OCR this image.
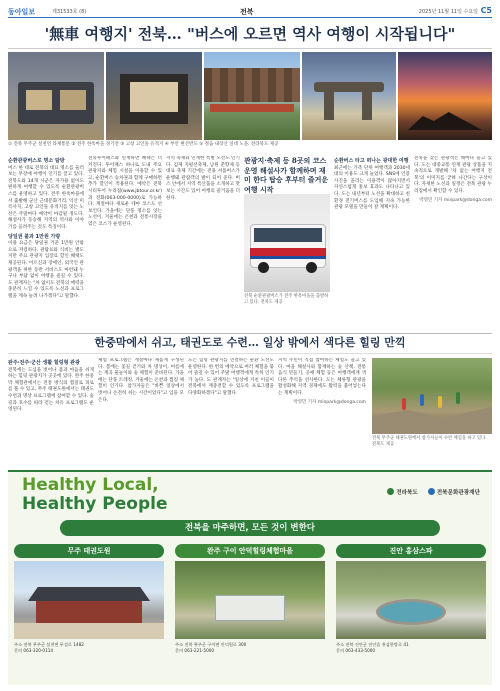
동아일보	제31533호 (8)	전북	2025년 11월 11일 수요일 C5
'無車 여행지' 전북… "버스에 오르면 역사 여행이 시작됩니다"
① 전북 무주군 설천면 라제통문 ② 전주 한옥마을 경기전 ③ 고창 고인돌 유적지 ④ 부안 변산반도 ⑤ 정읍 내장산 일대 노을. 전라북도 제공
순환관광버스로 명소 탐방

버스 한 대로 전북의 대표 명소를 둘러보는 무장애 여행이 인기를 끌고 있다. 전북도와 14개 시군은 자가용 없이도 편하게 여행할 수 있도록 순환관광버스를 운영하고 있다. 전주 한옥마을에서 출발해 군산 근대문화거리, 익산 미륵사지, 고창 고인돌 유적지를 잇는 노선은 주말마다 예약이 마감될 정도다. 해설사가 동승해 지역의 역사와 이야기를 들려주는 것도 특징이다.

당일권 불과 1만원 가량

이용 요금은 당일권 기준 1만원 안팎으로 저렴하다. 관람료와 식비는 별도지만 주요 관광지 입장료 할인 혜택도 제공된다. 어르신과 장애인, 외국인 관광객을 위한 동반 서비스도 마련돼 누구나 부담 없이 여행을 즐길 수 있다. 도 관계자는 "차 없이도 전북의 매력을 충분히 느낄 수 있도록 노선과 프로그램을 계속 늘려 나가겠다"고 말했다.

전북투어패스와 연계하면 혜택은 더 커진다. 투어패스 하나로 도내 주요 관광지와 체험 시설을 이용할 수 있고, 순환버스 승차권과 함께 구매하면 추가 할인이 적용된다. 예약은 전북 시티투어 누리집(www.jbtour.or.kr)과 전화(063-000-0000)로 가능하다. 계절마다 새로운 테마 코스도 선보인다. 가을에는 단풍 명소를 잇는 노선이, 겨울에는 온천과 전통시장을 엮은 코스가 운영된다.

지역 축제와 연계한 특별 노선도 인기다. 김제 지평선축제, 남원 춘향제 등 대표 축제 기간에는 전용 셔틀버스가 운행돼 관람객의 발이 되어 준다. 버스 안에서 지역 특산품을 소개하고 맛보는 시간도 있어 여행의 즐거움을 더한다.

관광지·축제 등 8곳의 코스 운영 해설사가 함께하며 재미 한다 탑승 후부터 즐거운 여행 시작
전북 순환관광버스가 전주 한옥마을을 출발하고 있다. 전북도 제공
순환버스 타고 떠나는 광대한 여행

최근에는 가족 단위 여행객과 2030세대의 이용도 크게 늘었다. SNS에 인증 사진을 올리는 이용객이 많아지면서 자연스럽게 홍보 효과도 나타나고 있다. 도는 내년부터 노선을 확대하고 친환경 전기버스를 도입해 지속 가능한 관광 모델을 만들어 갈 계획이다.

전북을 찾는 관광객은 해마다 늘고 있다. 도는 대중교통 연계 관광 상품을 지속적으로 개발해 '차 없는 여행지 전북'의 이미지를 굳혀 나간다는 구상이다. 자세한 노선과 일정은 전북 관광 누리집에서 확인할 수 있다.

박영민 기자 minpark@donga.com
한중막에서 쉬고, 태권도로 수련… 일상 밖에서 색다른 힐링 만끽
완주·전주·군산 생활 힐링형 관광

전북에는 도심을 벗어나 몸과 마음을 쉬게 하는 힐링 관광지가 곳곳에 있다. 완주 한중막 체험관에서는 전통 방식의 찜질로 피로를 풀 수 있고, 무주 태권도원에서는 태권도 수련과 명상 프로그램에 참여할 수 있다. 숲길과 호수를 따라 걷는 치유 프로그램도 운영된다.

체험 프로그램은 계절마다 새롭게 구성된다. 봄에는 꽃길 걷기와 차 명상이, 여름에는 계곡 물놀이와 숲 체험이 준비된다. 가을에는 단풍 트레킹, 겨울에는 온천과 찜질 체험이 인기다. 참가자들은 "바쁜 일상에서 벗어나 온전히 쉬는 시간이었다"고 입을 모은다.

도는 힐링 관광지를 연결하는 순환 노선도 운영한다. 한 번의 예약으로 여러 체험을 묶어 즐길 수 있어 주말 여행객에게 특히 인기가 높다. 도 관계자는 "일상에 지친 이들이 전북에서 재충전할 수 있도록 프로그램을 다양화하겠다"고 말했다.

지역 주민이 직접 참여하는 체험도 늘고 있다. 마을 해설사와 함께하는 숲 산책, 전통 음식 만들기, 공예 체험 등은 여행객에게 색다른 추억을 선사한다. 도는 체류형 관광을 활성화해 지역 경제에도 활력을 불어넣는다는 계획이다.

박영민 기자 minpark@donga.com
전북 무주군 태권도원에서 참가자들이 수련 체험을 하고 있다. 전북도 제공
Healthy Local,
Healthy People
전라북도	전북문화관광재단
전북을 마주하면, 모든 것이 변한다
무주 태권도원
주소 전북 무주군 설천면 무설로 1482
문의 063-320-0114
완주 구이 안덕힐링체험마을
주소 전북 완주군 구이면 안덕원로 300
문의 063-221-5000
진안 홍삼스파
주소 전북 진안군 진안읍 홍삼한방로 41
문의 063-433-5000
